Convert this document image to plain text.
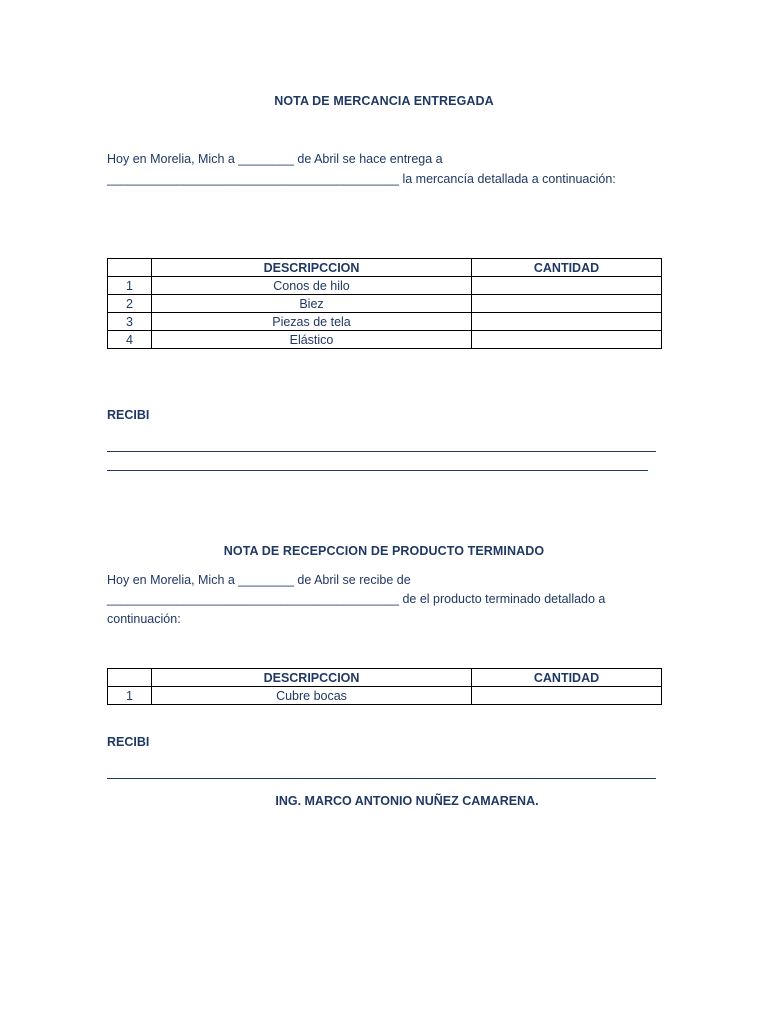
NOTA DE MERCANCIA ENTREGADA
Hoy en Morelia, Mich a ________ de Abril se hace entrega a
__________________________________________ la mercancía detallada a continuación:
	DESCRIPCCION	CANTIDAD
1	Conos de hilo	
2	Biez	
3	Piezas de tela	
4	Elástico	
RECIBI
NOTA DE RECEPCCION DE PRODUCTO TERMINADO
Hoy en Morelia, Mich a ________ de Abril se recibe de
__________________________________________ de el producto terminado detallado a
continuación:
	DESCRIPCCION	CANTIDAD
1	Cubre bocas	
RECIBI
ING. MARCO ANTONIO NUÑEZ CAMARENA.
